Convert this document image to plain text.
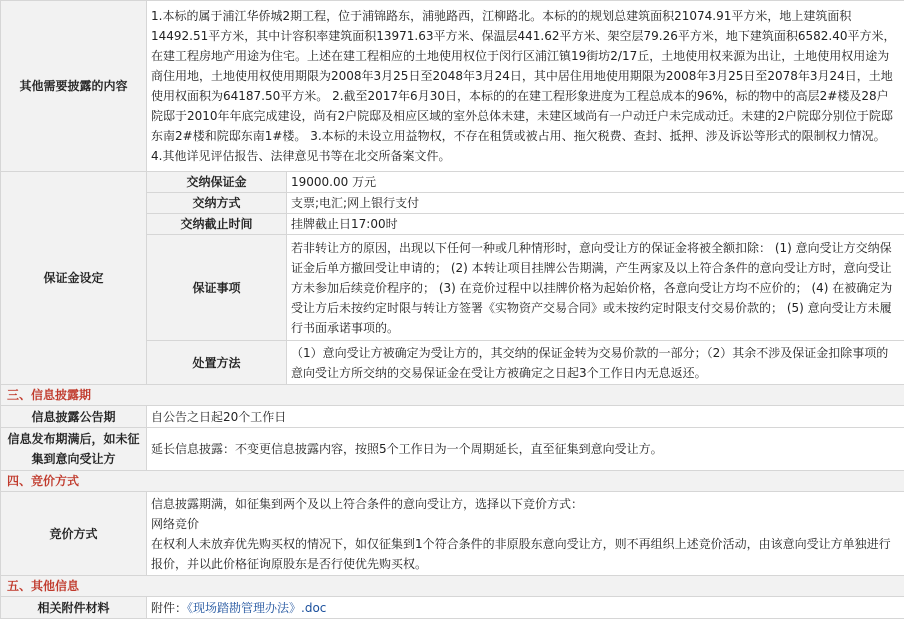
其他需要披露的内容	1.本标的属于浦江华侨城2期工程，位于浦锦路东，浦驰路西，江柳路北。本标的的规划总建筑面积21074.91平方米，地上建筑面积14492.51平方米，其中计容积率建筑面积13971.63平方米、保温层441.62平方米、架空层79.26平方米，地下建筑面积6582.40平方米，在建工程房地产用途为住宅。上述在建工程相应的土地使用权位于闵行区浦江镇19街坊2/17丘，土地使用权来源为出让，土地使用权用途为商住用地，土地使用权使用期限为2008年3月25日至2048年3月24日，其中居住用地使用期限为2008年3月25日至2078年3月24日，土地使用权面积为64187.50平方米。 2.截至2017年6月30日，本标的的在建工程形象进度为工程总成本的96%，标的物中的高层2#楼及28户院邸于2010年年底完成建设，尚有2户院邸及相应区域的室外总体未建，未建区域尚有一户动迁户未完成动迁。未建的2户院邸分别位于院邸东南2#楼和院邸东南1#楼。 3.本标的未设立用益物权，不存在租赁或被占用、拖欠税费、查封、抵押、涉及诉讼等形式的限制权力情况。 4.其他详见评估报告、法律意见书等在北交所备案文件。	
保证金设定	交纳保证金	19000.00 万元
	交纳方式	支票;电汇;网上银行支付
	交纳截止时间	挂牌截止日17:00时
	保证事项	若非转让方的原因，出现以下任何一种或几种情形时，意向受让方的保证金将被全额扣除： (1) 意向受让方交纳保证金后单方撤回受让申请的； (2) 本转让项目挂牌公告期满，产生两家及以上符合条件的意向受让方时，意向受让方未参加后续竞价程序的； (3) 在竞价过程中以挂牌价格为起始价格，各意向受让方均不应价的； (4) 在被确定为受让方后未按约定时限与转让方签署《实物资产交易合同》或未按约定时限支付交易价款的； (5) 意向受让方未履行书面承诺事项的。
	处置方法	（1）意向受让方被确定为受让方的，其交纳的保证金转为交易价款的一部分；（2）其余不涉及保证金扣除事项的意向受让方所交纳的交易保证金在受让方被确定之日起3个工作日内无息返还。
三、信息披露期		
信息披露公告期	自公告之日起20个工作日	
信息发布期满后，如未征集到意向受让方	延长信息披露：不变更信息披露内容，按照5个工作日为一个周期延长，直至征集到意向受让方。	
四、竞价方式		
竞价方式	信息披露期满，如征集到两个及以上符合条件的意向受让方，选择以下竞价方式：
网络竞价
在权利人未放弃优先购买权的情况下，如仅征集到1个符合条件的非原股东意向受让方，则不再组织上述竞价活动，由该意向受让方单独进行报价，并以此价格征询原股东是否行使优先购买权。	

五、其他信息		
相关附件材料	附件：《现场踏勘管理办法》.doc	
